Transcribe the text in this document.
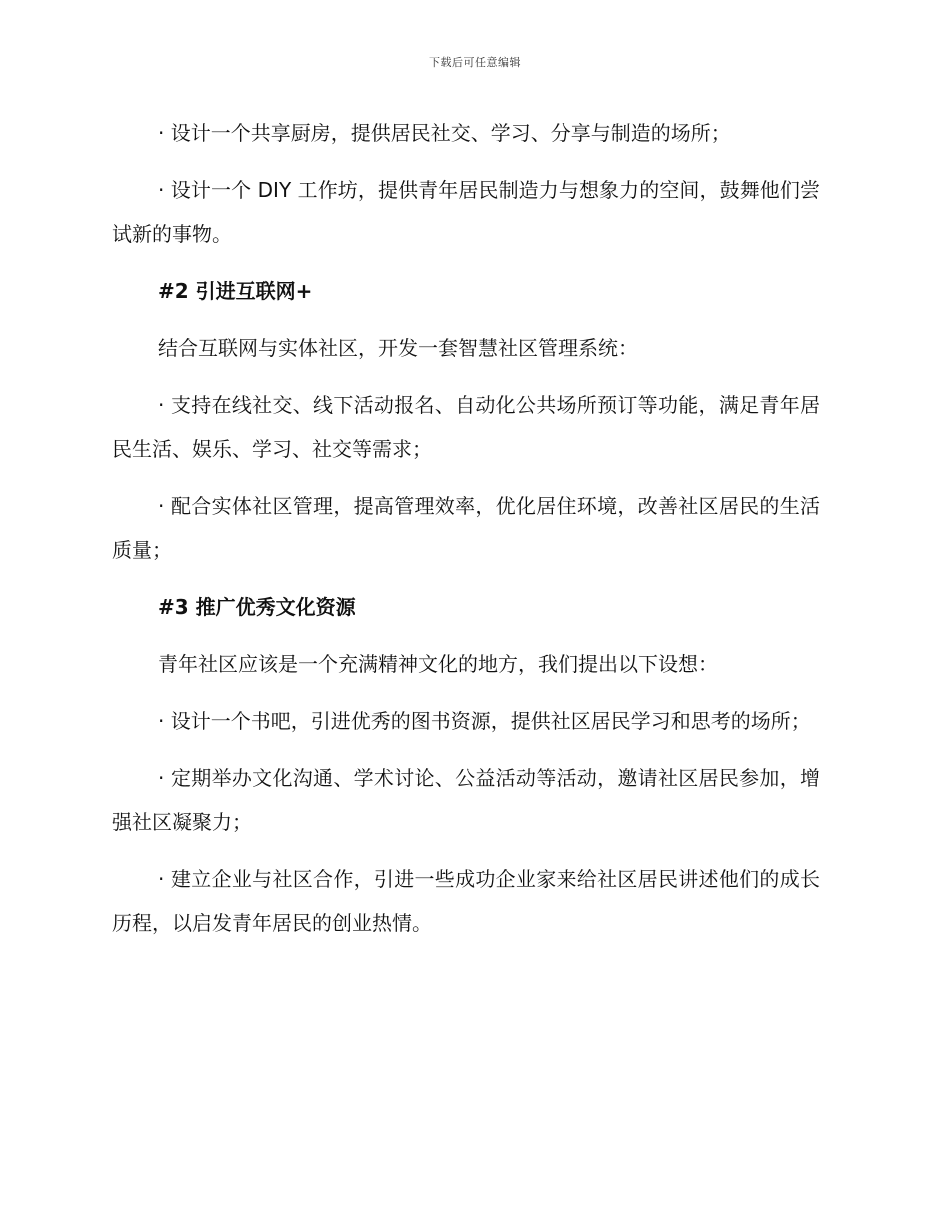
下载后可任意编辑

· 设计一个共享厨房，提供居民社交、学习、分享与制造的场所；

· 设计一个 DIY 工作坊，提供青年居民制造力与想象力的空间，鼓舞他们尝试新的事物。

#2 引进互联网+

结合互联网与实体社区，开发一套智慧社区管理系统：

· 支持在线社交、线下活动报名、自动化公共场所预订等功能，满足青年居民生活、娱乐、学习、社交等需求；

· 配合实体社区管理，提高管理效率，优化居住环境，改善社区居民的生活质量；

#3 推广优秀文化资源

青年社区应该是一个充满精神文化的地方，我们提出以下设想：

· 设计一个书吧，引进优秀的图书资源，提供社区居民学习和思考的场所；

· 定期举办文化沟通、学术讨论、公益活动等活动，邀请社区居民参加，增强社区凝聚力；

· 建立企业与社区合作，引进一些成功企业家来给社区居民讲述他们的成长历程，以启发青年居民的创业热情。
